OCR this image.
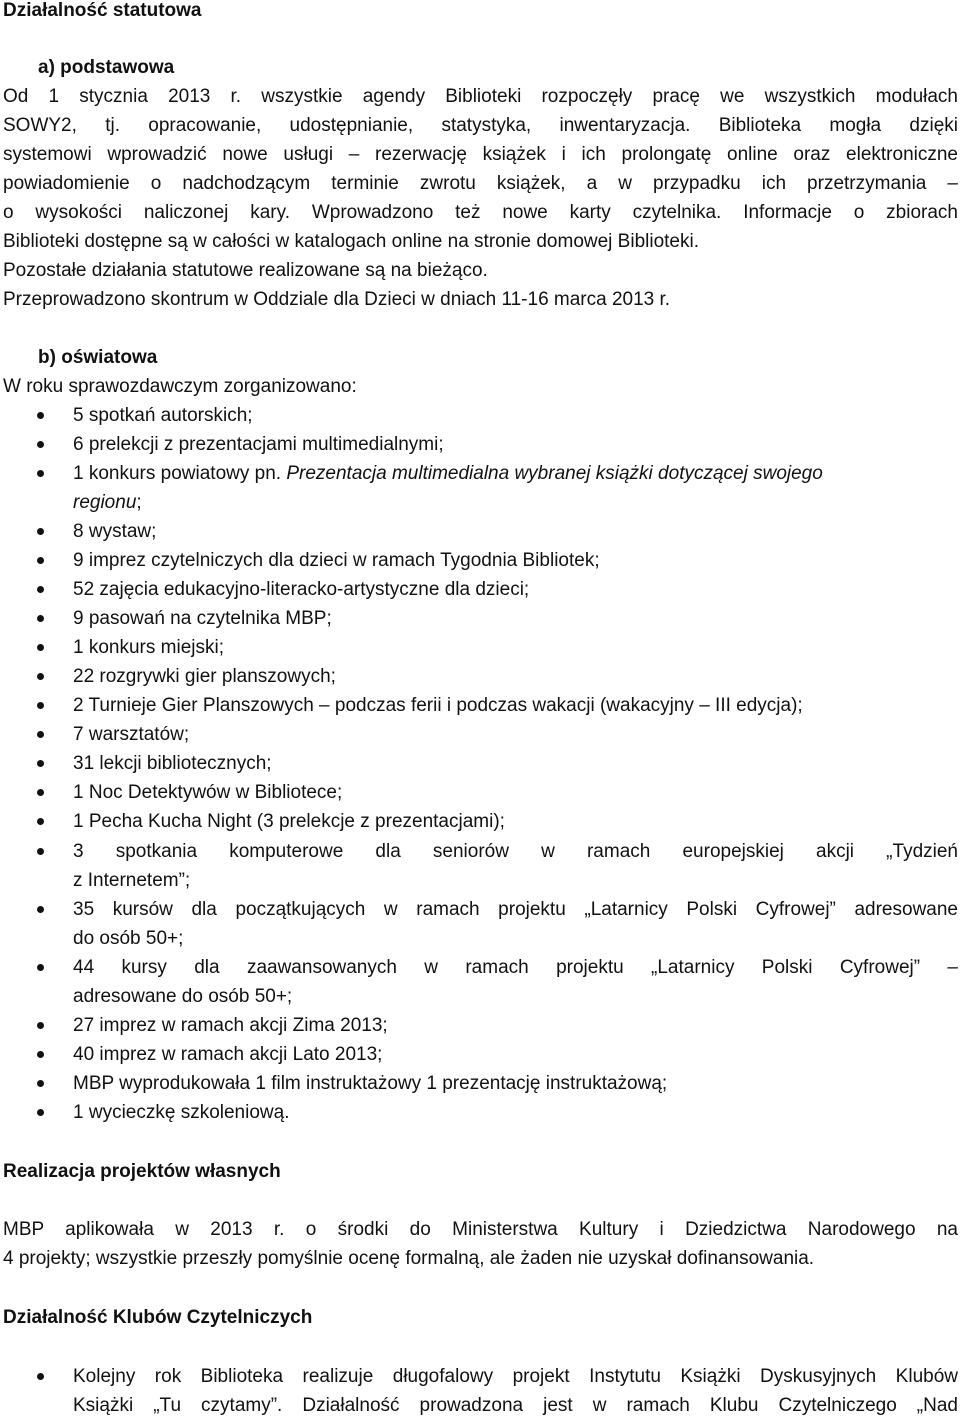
Działalność statutowa
a) podstawowa
Od 1 stycznia 2013 r. wszystkie agendy Biblioteki rozpoczęły pracę we wszystkich modułach
SOWY2, tj. opracowanie, udostępnianie, statystyka, inwentaryzacja. Biblioteka mogła dzięki
systemowi wprowadzić nowe usługi – rezerwację książek i ich prolongatę online oraz elektroniczne
powiadomienie o nadchodzącym terminie zwrotu książek, a w przypadku ich przetrzymania –
o wysokości naliczonej kary. Wprowadzono też nowe karty czytelnika. Informacje o zbiorach
Biblioteki dostępne są w całości w katalogach online na stronie domowej Biblioteki.
Pozostałe działania statutowe realizowane są na bieżąco.
Przeprowadzono skontrum w Oddziale dla Dzieci w dniach 11-16 marca 2013 r.
b) oświatowa
W roku sprawozdawczym zorganizowano:
5 spotkań autorskich;
6 prelekcji z prezentacjami multimedialnymi;
1 konkurs powiatowy pn. Prezentacja multimedialna wybranej książki dotyczącej swojego
regionu;
8 wystaw;
9 imprez czytelniczych dla dzieci w ramach Tygodnia Bibliotek;
52 zajęcia edukacyjno-literacko-artystyczne dla dzieci;
9 pasowań na czytelnika MBP;
1 konkurs miejski;
22 rozgrywki gier planszowych;
2 Turnieje Gier Planszowych – podczas ferii i podczas wakacji (wakacyjny – III edycja);
7 warsztatów;
31 lekcji bibliotecznych;
1 Noc Detektywów w Bibliotece;
1 Pecha Kucha Night (3 prelekcje z prezentacjami);
3 spotkania komputerowe dla seniorów w ramach europejskiej akcji „Tydzień
z Internetem”;
35 kursów dla początkujących w ramach projektu „Latarnicy Polski Cyfrowej” adresowane
do osób 50+;
44 kursy dla zaawansowanych w ramach projektu „Latarnicy Polski Cyfrowej” –
adresowane do osób 50+;
27 imprez w ramach akcji Zima 2013;
40 imprez w ramach akcji Lato 2013;
MBP wyprodukowała 1 film instruktażowy 1 prezentację instruktażową;
1 wycieczkę szkoleniową.
Realizacja projektów własnych
MBP aplikowała w 2013 r. o środki do Ministerstwa Kultury i Dziedzictwa Narodowego na
4 projekty; wszystkie przeszły pomyślnie ocenę formalną, ale żaden nie uzyskał dofinansowania.
Działalność Klubów Czytelniczych
Kolejny rok Biblioteka realizuje długofalowy projekt Instytutu Książki Dyskusyjnych Klubów
Książki „Tu czytamy”. Działalność prowadzona jest w ramach Klubu Czytelniczego „Nad
